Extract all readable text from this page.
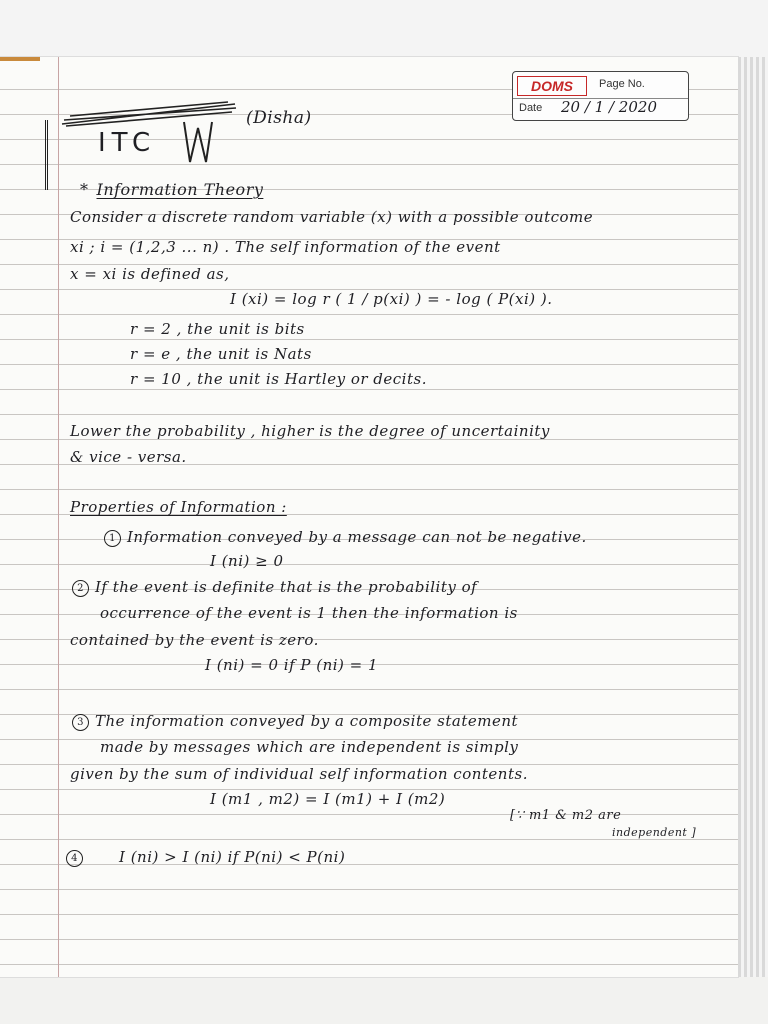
DOMS	Page No.
Date 20 / 1 / 2020
ITC
(Disha)
* Information Theory
Consider a discrete random variable (x) with a possible outcome
xi ; i = (1,2,3 ... n) . The self information of the event
x = xi is defined as,
I (xi) = log r ( 1 / p(xi) ) = - log ( P(xi) ).
r = 2 , the unit is bits
r = e , the unit is Nats
r = 10 , the unit is Hartley or decits.
Lower the probability , higher is the degree of uncertainity
& vice - versa.
Properties of Information :
1 Information conveyed by a message can not be negative.
I (ni) ≥ 0
2 If the event is definite that is the probability of
occurrence of the event is 1 then the information is
contained by the event is zero.
I (ni) = 0 if P (ni) = 1
3 The information conveyed by a composite statement
made by messages which are independent is simply
given by the sum of individual self information contents.
I (m1 , m2) = I (m1) + I (m2)
[∵ m1 & m2 are
independent ]
4	I (ni) > I (ni) if P(ni) < P(ni)
